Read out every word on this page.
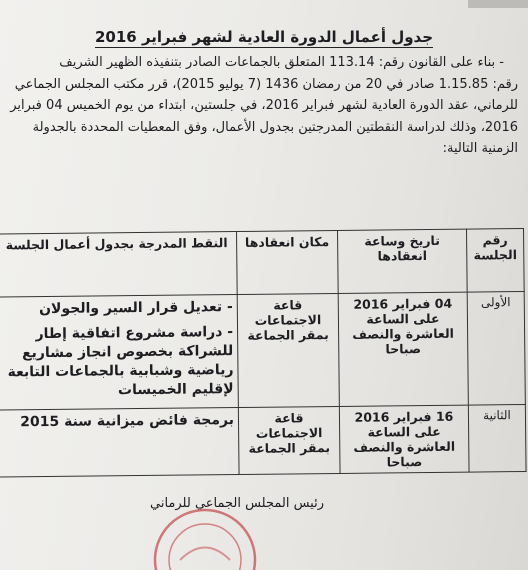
جدول أعمال الدورة العادية لشهر فبراير 2016

- بناء على القانون رقم: 113.14 المتعلق بالجماعات الصادر بتنفيذه الظهير الشريف

رقم: 1.15.85 صادر في 20 من رمضان 1436 (7 يوليو 2015)، قرر مكتب المجلس الجماعي

للرماني، عقد الدورة العادية لشهر فبراير 2016، في جلستين، ابتداء من يوم الخميس 04 فبراير

2016، وذلك لدراسة النقطتين المدرجتين بجدول الأعمال، وفق المعطيات المحددة بالجدولة

الزمنية التالية:

رقم الجلسة	تاريخ وساعة انعقادها	مكان انعقادها	النقط المدرجة بجدول أعمال الجلسة
الأولى	04 فبراير 2016 على الساعة العاشرة والنصف صباحا	قاعة الاجتماعات بمقر الجماعة	- تعديل قرار السير والجولان
- دراسة مشروع اتفاقية إطار للشراكة بخصوص انجاز مشاريع رياضية وشبابية بالجماعات التابعة لإقليم الخميسات

الثانية	16 فبراير 2016 على الساعة العاشرة والنصف صباحا	قاعة الاجتماعات بمقر الجماعة	برمجة فائض ميزانية سنة 2015
رئيس المجلس الجماعي للرماني
